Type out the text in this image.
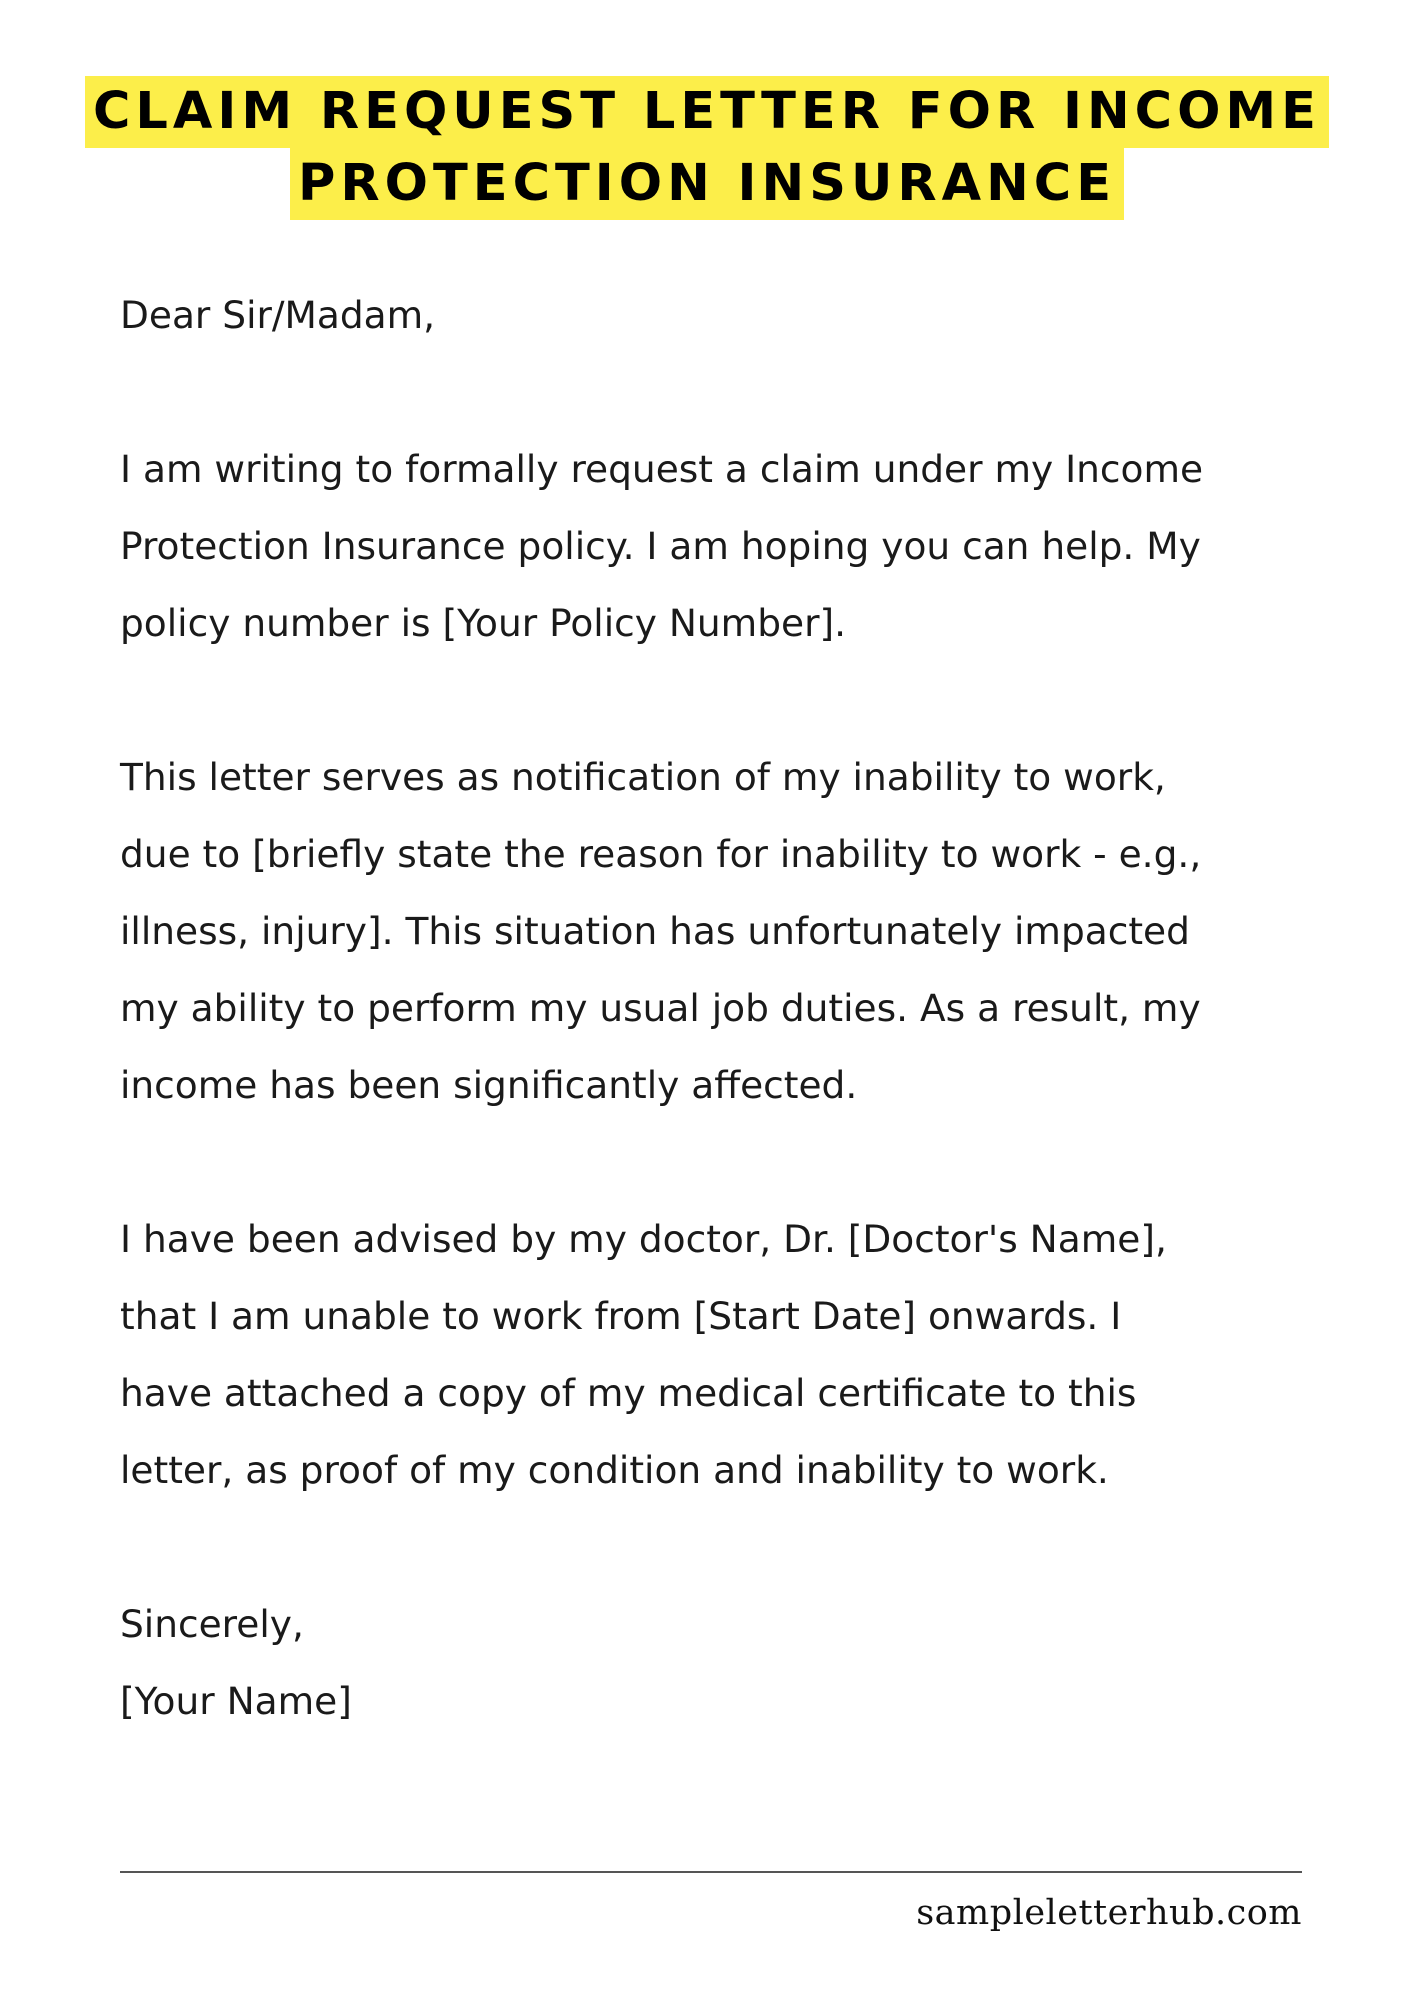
CLAIM REQUEST LETTER FOR INCOME
PROTECTION INSURANCE

Dear Sir/Madam,

I am writing to formally request a claim under my Income
Protection Insurance policy. I am hoping you can help. My
policy number is [Your Policy Number].
This letter serves as notification of my inability to work,
due to [briefly state the reason for inability to work - e.g.,
illness, injury]. This situation has unfortunately impacted
my ability to perform my usual job duties. As a result, my
income has been significantly affected.
I have been advised by my doctor, Dr. [Doctor's Name],
that I am unable to work from [Start Date] onwards. I
have attached a copy of my medical certificate to this
letter, as proof of my condition and inability to work.

Sincerely,

[Your Name]

sampleletterhub.com
